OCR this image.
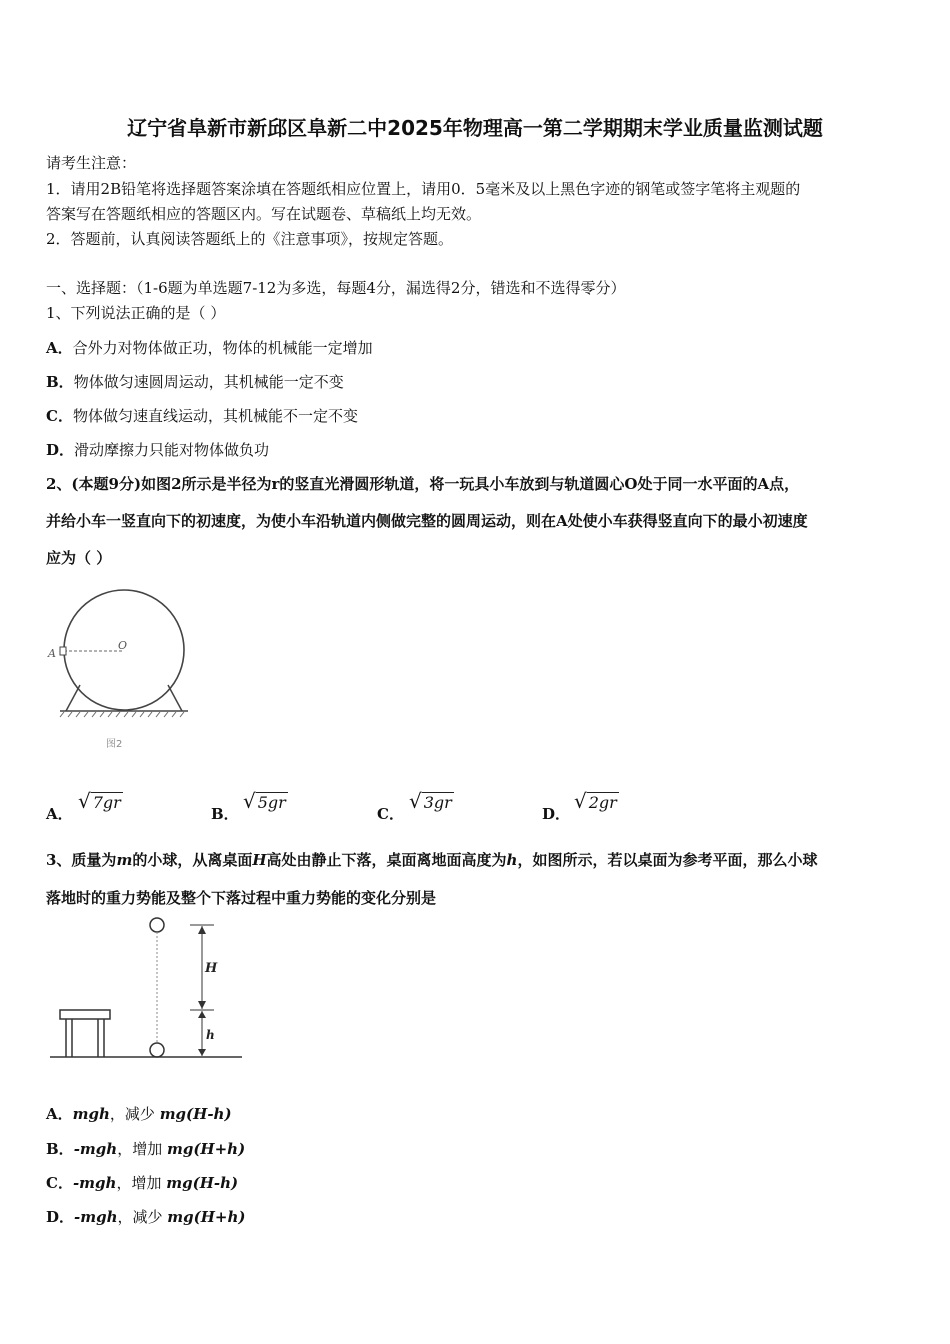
辽宁省阜新市新邱区阜新二中2025年物理高一第二学期期末学业质量监测试题
请考生注意：
1．请用2B铅笔将选择题答案涂填在答题纸相应位置上，请用0．5毫米及以上黑色字迹的钢笔或签字笔将主观题的
答案写在答题纸相应的答题区内。写在试题卷、草稿纸上均无效。
2．答题前，认真阅读答题纸上的《注意事项》，按规定答题。
一、选择题：（1-6题为单选题7-12为多选，每题4分，漏选得2分，错选和不选得零分）
1、下列说法正确的是（ ）
A．合外力对物体做正功，物体的机械能一定增加
B．物体做匀速圆周运动，其机械能一定不变
C．物体做匀速直线运动，其机械能不一定不变
D．滑动摩擦力只能对物体做负功
2、(本题9分)如图2所示是半径为r的竖直光滑圆形轨道，将一玩具小车放到与轨道圆心O处于同一水平面的A点，
并给小车一竖直向下的初速度，为使小车沿轨道内侧做完整的圆周运动，则在A处使小车获得竖直向下的最小初速度
应为（ ）
A
O
图2
A．
√ 7gr
B．
√ 5gr
C．
√ 3gr
D．
√ 2gr
3、质量为m的小球，从离桌面H高处由静止下落，桌面离地面高度为h，如图所示，若以桌面为参考平面，那么小球
落地时的重力势能及整个下落过程中重力势能的变化分别是
H
h
A．mgh，减少 mg(H-h)
B．-mgh，增加 mg(H+h)
C．-mgh，增加 mg(H-h)
D．-mgh，减少 mg(H+h)
